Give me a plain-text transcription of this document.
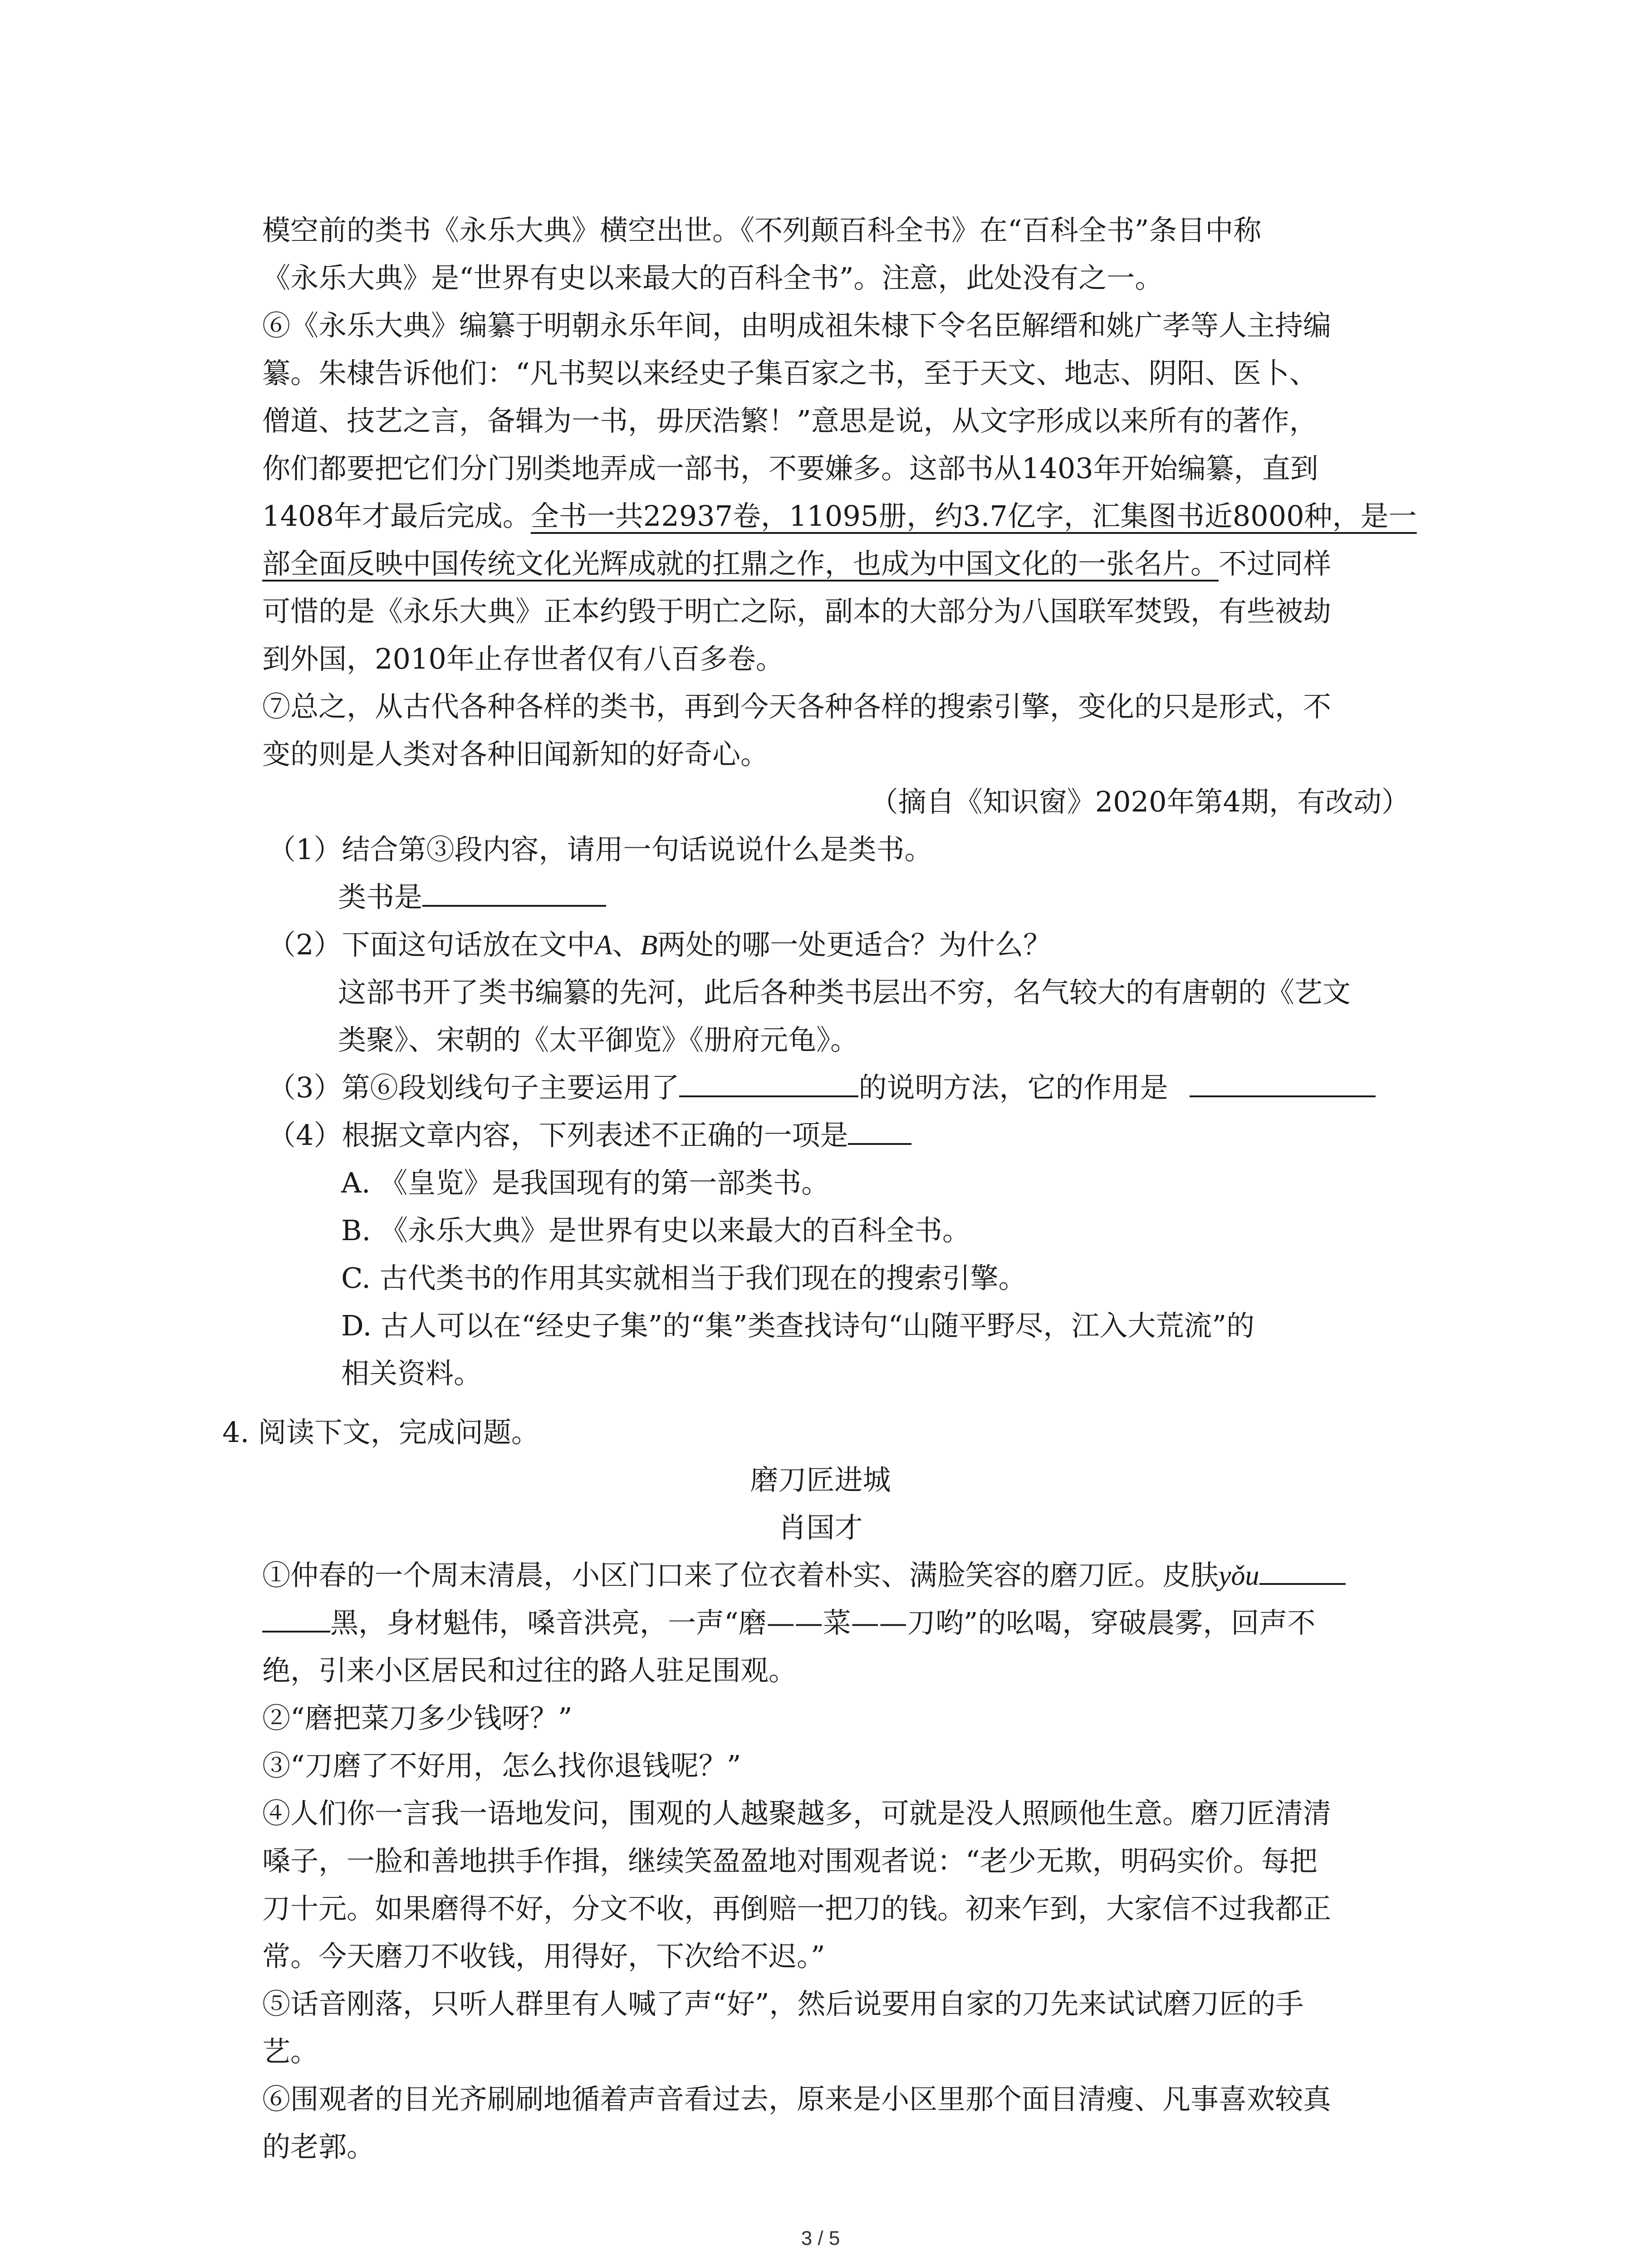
模空前的类书《永乐大典》横空出世。《不列颠百科全书》在“百科全书”条目中称
《永乐大典》是“世界有史以来最大的百科全书”。注意，此处没有之一。
⑥《永乐大典》编纂于明朝永乐年间，由明成祖朱棣下令名臣解缙和姚广孝等人主持编
纂。朱棣告诉他们：“凡书契以来经史子集百家之书，至于天文、地志、阴阳、医卜、
僧道、技艺之言，备辑为一书，毋厌浩繁！”意思是说，从文字形成以来所有的著作，
你们都要把它们分门别类地弄成一部书，不要嫌多。这部书从1403年开始编纂，直到
1408年才最后完成。全书一共22937卷，11095册，约3.7亿字，汇集图书近8000种，是一
部全面反映中国传统文化光辉成就的扛鼎之作，也成为中国文化的一张名片。不过同样
可惜的是《永乐大典》正本约毁于明亡之际，副本的大部分为八国联军焚毁，有些被劫
到外国，2010年止存世者仅有八百多卷。
⑦总之，从古代各种各样的类书，再到今天各种各样的搜索引擎，变化的只是形式，不
变的则是人类对各种旧闻新知的好奇心。
（摘自《知识窗》2020年第4期，有改动）
（1）结合第③段内容，请用一句话说说什么是类书。
类书是
（2）下面这句话放在文中A、B两处的哪一处更适合？为什么？
这部书开了类书编纂的先河，此后各种类书层出不穷，名气较大的有唐朝的《艺文
类聚》、宋朝的《太平御览》《册府元龟》。
（3）第⑥段划线句子主要运用了	的说明方法，它的作用是
（4）根据文章内容，下列表述不正确的一项是
A. 《皇览》是我国现有的第一部类书。
B. 《永乐大典》是世界有史以来最大的百科全书。
C. 古代类书的作用其实就相当于我们现在的搜索引擎。
D. 古人可以在“经史子集”的“集”类查找诗句“山随平野尽，江入大荒流”的
相关资料。
4. 阅读下文，完成问题。
磨刀匠进城
肖国才
①仲春的一个周末清晨，小区门口来了位衣着朴实、满脸笑容的磨刀匠。皮肤yǒu
黑，身材魁伟，嗓音洪亮，一声“磨——菜——刀哟”的吆喝，穿破晨雾，回声不
绝，引来小区居民和过往的路人驻足围观。
②“磨把菜刀多少钱呀？”
③“刀磨了不好用，怎么找你退钱呢？”
④人们你一言我一语地发问，围观的人越聚越多，可就是没人照顾他生意。磨刀匠清清
嗓子，一脸和善地拱手作揖，继续笑盈盈地对围观者说：“老少无欺，明码实价。每把
刀十元。如果磨得不好，分文不收，再倒赔一把刀的钱。初来乍到，大家信不过我都正
常。今天磨刀不收钱，用得好，下次给不迟。”
⑤话音刚落，只听人群里有人喊了声“好”，然后说要用自家的刀先来试试磨刀匠的手
艺。
⑥围观者的目光齐刷刷地循着声音看过去，原来是小区里那个面目清瘦、凡事喜欢较真
的老郭。
3 / 5
